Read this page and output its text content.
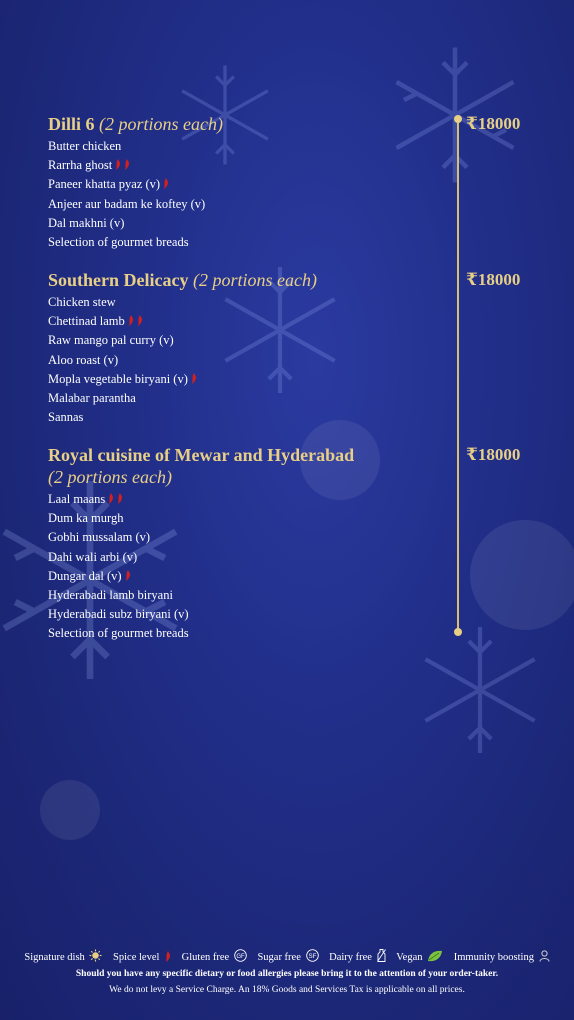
Dilli 6 (2 portions each)
Butter chicken
Rarrha ghost
Paneer khatta pyaz (v)
Anjeer aur badam ke koftey (v)
Dal makhni (v)
Selection of gourmet breads
₹18000
Southern Delicacy (2 portions each)
Chicken stew
Chettinad lamb
Raw mango pal curry (v)
Aloo roast (v)
Mopla vegetable biryani (v)
Malabar parantha
Sannas
₹18000
Royal cuisine of Mewar and Hyderabad
(2 portions each)
Laal maans
Dum ka murgh
Gobhi mussalam (v)
Dahi wali arbi (v)
Dungar dal (v)
Hyderabadi lamb biryani
Hyderabadi subz biryani (v)
Selection of gourmet breads
₹18000
Signature dish	Spice level Gluten free GF Sugar free SF Dairy free Vegan	Immunity boosting
Should you have any specific dietary or food allergies please bring it to the attention of your order-taker.
We do not levy a Service Charge. An 18% Goods and Services Tax is applicable on all prices.
